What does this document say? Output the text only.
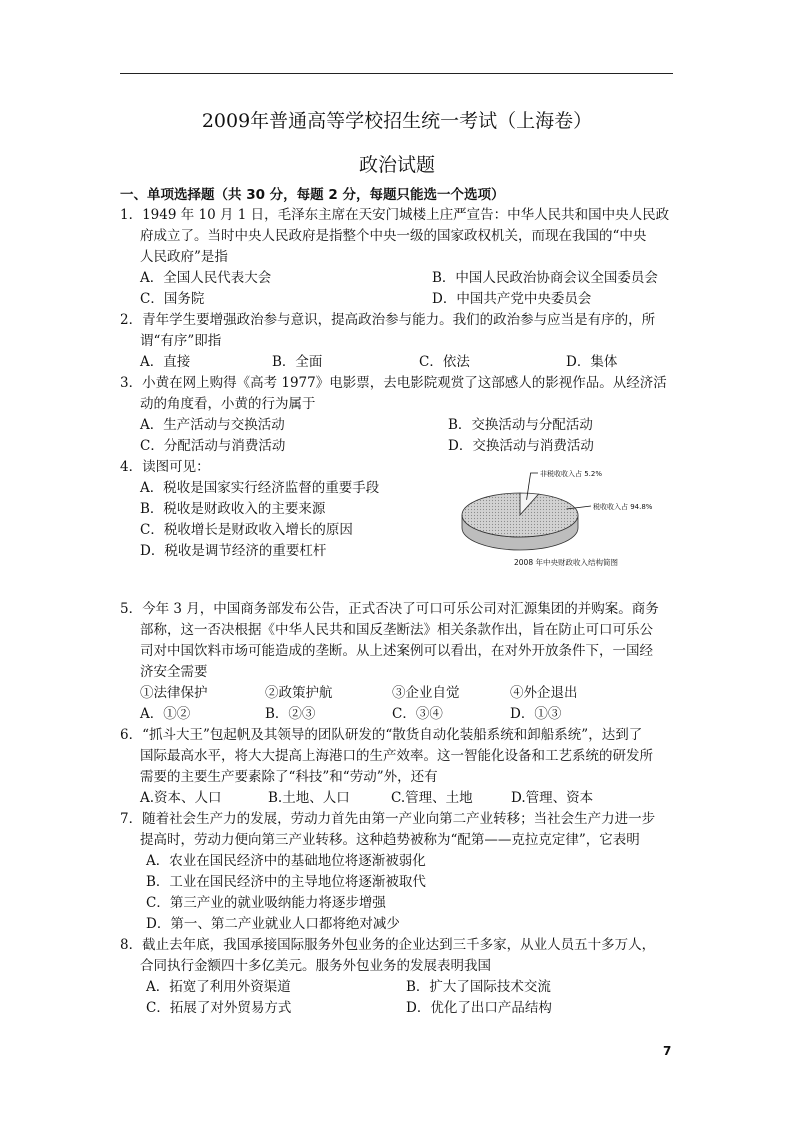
2009年普通高等学校招生统一考试（上海卷）
政治试题
一、单项选择题（共 30 分，每题 2 分，每题只能选一个选项）
1．1949 年 10 月 1 日，毛泽东主席在天安门城楼上庄严宣告：中华人民共和国中央人民政
府成立了。当时中央人民政府是指整个中央一级的国家政权机关，而现在我国的“中央
人民政府”是指
A．全国人民代表大会	B．中国人民政治协商会议全国委员会
C．国务院	D．中国共产党中央委员会
2．青年学生要增强政治参与意识，提高政治参与能力。我们的政治参与应当是有序的，所
谓“有序”即指
A．直接	B．全面	C．依法	D．集体
3．小黄在网上购得《高考 1977》电影票，去电影院观赏了这部感人的影视作品。从经济活
动的角度看，小黄的行为属于
A．生产活动与交换活动	B．交换活动与分配活动
C．分配活动与消费活动	D．交换活动与消费活动
4．读图可见：
A．税收是国家实行经济监督的重要手段
B．税收是财政收入的主要来源
C．税收增长是财政收入增长的原因
D．税收是调节经济的重要杠杆
非税收收入占 5.2%
税收收入占 94.8%
2008 年中央财政收入结构简图
5．今年 3 月，中国商务部发布公告，正式否决了可口可乐公司对汇源集团的并购案。商务
部称，这一否决根据《中华人民共和国反垄断法》相关条款作出，旨在防止可口可乐公
司对中国饮料市场可能造成的垄断。从上述案例可以看出，在对外开放条件下，一国经
济安全需要
①法律保护	②政策护航	③企业自觉	④外企退出
A．①②	B．②③	C．③④	D．①③
6．“抓斗大王”包起帆及其领导的团队研发的“散货自动化装船系统和卸船系统”，达到了
国际最高水平，将大大提高上海港口的生产效率。这一智能化设备和工艺系统的研发所
需要的主要生产要素除了“科技”和“劳动”外，还有
A.资本、人口	B.土地、人口	C.管理、土地	D.管理、资本
7．随着社会生产力的发展，劳动力首先由第一产业向第二产业转移；当社会生产力进一步
提高时，劳动力便向第三产业转移。这种趋势被称为“配第——克拉克定律”，它表明
A．农业在国民经济中的基础地位将逐渐被弱化
B．工业在国民经济中的主导地位将逐渐被取代
C．第三产业的就业吸纳能力将逐步增强
D．第一、第二产业就业人口都将绝对减少
8．截止去年底，我国承接国际服务外包业务的企业达到三千多家，从业人员五十多万人，
合同执行金额四十多亿美元。服务外包业务的发展表明我国
A．拓宽了利用外资渠道	B．扩大了国际技术交流
C．拓展了对外贸易方式	D．优化了出口产品结构
7
